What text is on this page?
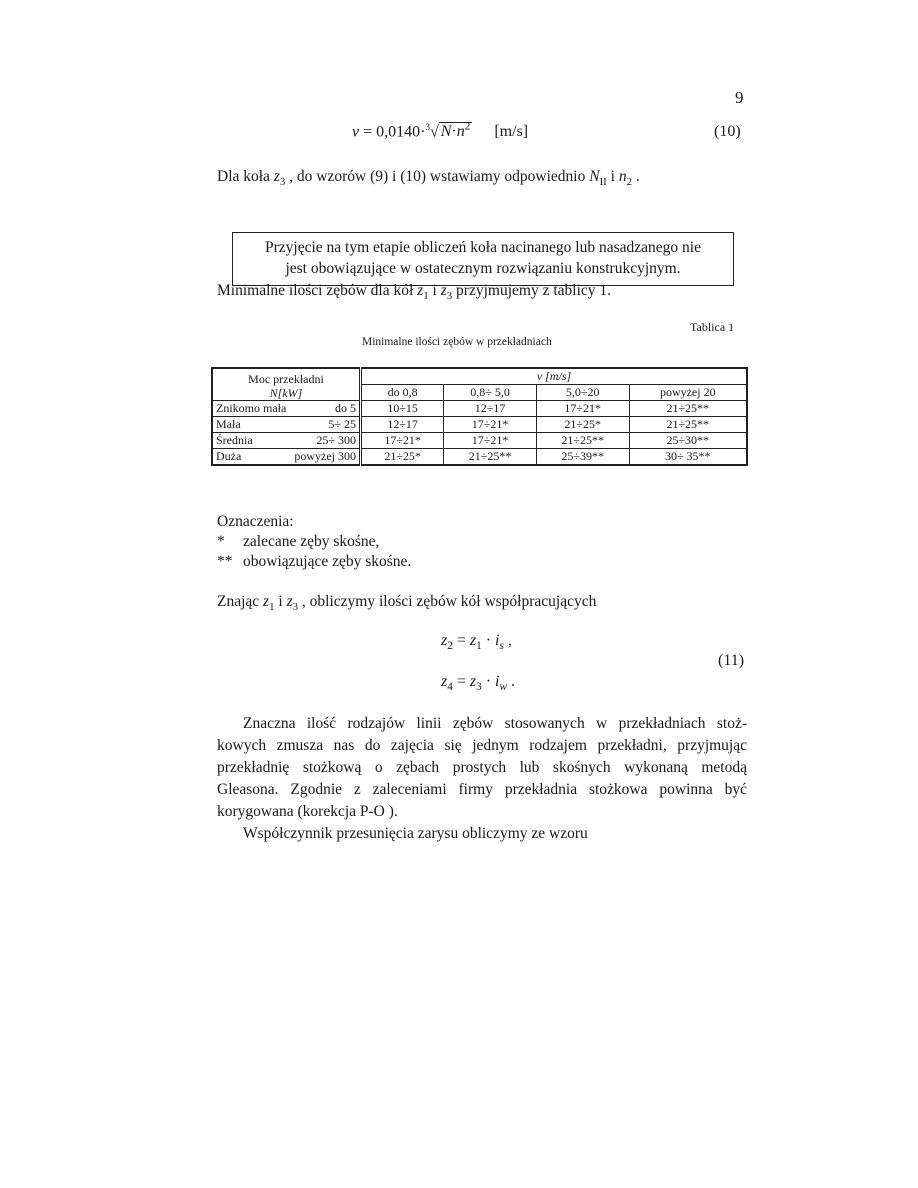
9
v = 0,0140·$^3$√ $N\cdot n^2$ [m/s]	(10)
Dla koła $z_3$ , do wzorów (9) i (10) wstawiamy odpowiednio $N_{II}$ i $n_2$ .
Przyjęcie na tym etapie obliczeń koła nacinanego lub nasadzanego nie
jest obowiązujące w ostatecznym rozwiązaniu konstrukcyjnym.
Minimalne ilości zębów dla kół $z_1$ i $z_3$ przyjmujemy z tablicy 1.
Tablica 1
Minimalne ilości zębów w przekładniach
Moc przekładni
N[kW]	v [m/s]			
	do 0,8	0,8÷ 5,0	5,0÷20	powyżej 20

Znikomo mała do 5	10÷15	12÷17	17÷21*	21÷25**

Mała 5÷ 25	12÷17	17÷21*	21÷25*	21÷25**

Średnia 25÷ 300	17÷21*	17÷21*	21÷25**	25÷30**

Duża powyżej 300	21÷25*	21÷25**	25÷39**	30÷ 35**
Oznaczenia:
* zalecane zęby skośne,
** obowiązujące zęby skośne.
Znając $z_1$ i $z_3$ , obliczymy ilości zębów kół współpracujących
$z_2 = z_1 \cdot i_s$ ,
(11)
$z_4 = z_3 \cdot i_w$ .
Znaczna ilość rodzajów linii zębów stosowanych w przekładniach stoż-
kowych zmusza nas do zajęcia się jednym rodzajem przekładni, przyjmując
przekładnię stożkową o zębach prostych lub skośnych wykonaną metodą
Gleasona. Zgodnie z zaleceniami firmy przekładnia stożkowa powinna być
korygowana (korekcja P-O ).
Współczynnik przesunięcia zarysu obliczymy ze wzoru
